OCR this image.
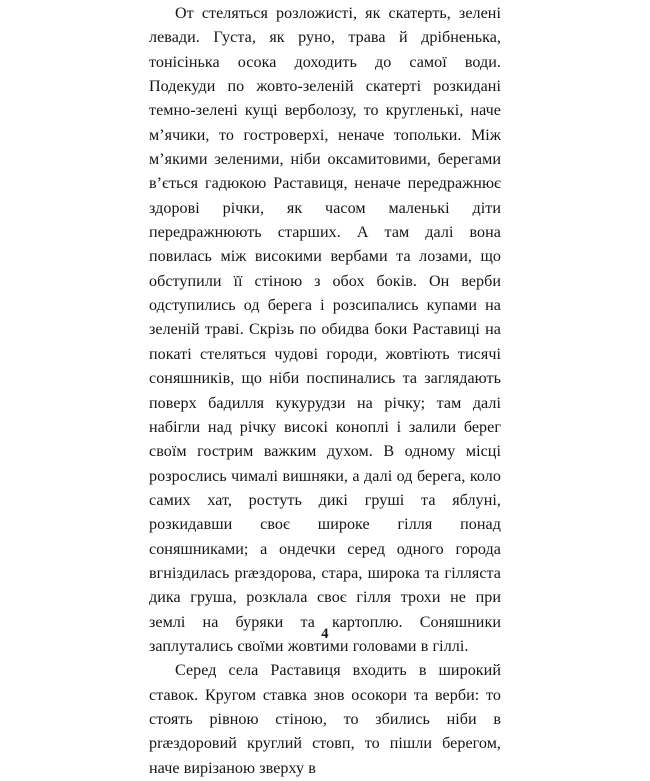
От стеляться розложисті, як скатерть, зелені левади. Густа, як руно, трава й дрібненька, тонісінька осока доходить до самої води. Подекуди по жовто-зеленій скатерті розкидані темно-зелені кущі верболозу, то кругленькі, наче м’ячики, то гостроверхі, неначе топольки. Між м’якими зеленими, ніби оксамитовими, берегами в’ється гадюкою Раставиця, неначе передражнює здорові річки, як часом маленькі діти передражнюють старших. А там далі вона повилась між високими вербами та лозами, що обступили її стіною з обох боків. Он верби одступились од берега і розсипались купами на зеленій траві. Скрізь по обидва боки Раставиці на покаті стеляться чудові городи, жовтіють тисячі соняшників, що ніби поспинались та заглядають поверх бадилля кукурудзи на річку; там далі набігли над річку високі коноплі і залили берег своїм гострим важким духом. В одному місці розрослись чималі вишняки, а далі од берега, коло самих хат, ростуть дикі груші та яблуні, розкидавши своє широке гілля понад соняшниками; а ондечки серед одного города вгніздилась præздорова, стара, широка та гілляста дика груша, розклала своє гілля трохи не при землі на буряки та картоплю. Соняшники заплутались своїми жовтими головами в гіллі.

Серед села Раставиця входить в широкий ставок. Кругом ставка знов осокори та верби: то стоять рівною стіною, то збились ніби в præздоровий круглий стовп, то пішли берегом, наче вирізаною зверху в

4
